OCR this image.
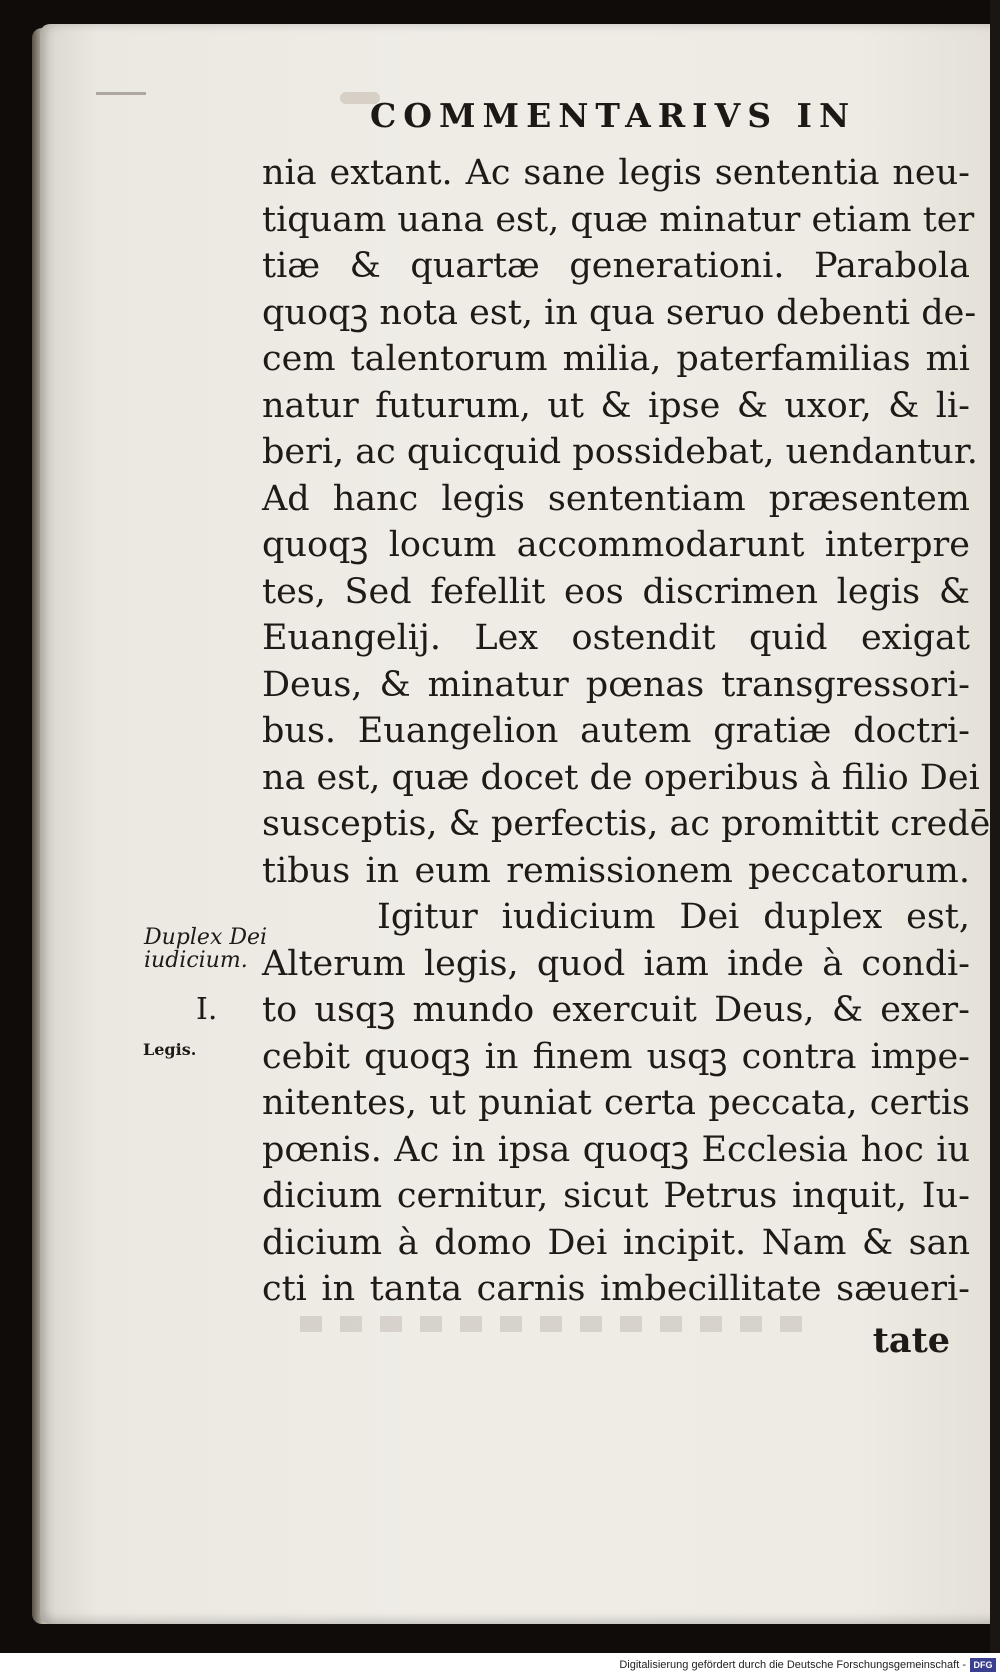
COMMENTARIVS IN
nia extant. Ac sane legis sententia neu-
tiquam uana est, quæ minatur etiam ter
tiæ & quartæ generationi. Parabola
quoqꝫ nota est, in qua seruo debenti de-
cem talentorum milia, paterfamilias mi
natur futurum, ut & ipse & uxor, & li-
beri, ac quicquid possidebat, uendantur.
Ad hanc legis sententiam præsentem
quoqꝫ locum accommodarunt interpre
tes, Sed fefellit eos discrimen legis &
Euangelij. Lex ostendit quid exigat
Deus, & minatur pœnas transgressori-
bus. Euangelion autem gratiæ doctri-
na est, quæ docet de operibus à filio Dei
susceptis, & perfectis, ac promittit credē
tibus in eum remissionem peccatorum.
Igitur iudicium Dei duplex est,
Alterum legis, quod iam inde à condi-
to usqꝫ mundo exercuit Deus, & exer-
cebit quoqꝫ in finem usqꝫ contra impe-
nitentes, ut puniat certa peccata, certis
pœnis. Ac in ipsa quoqꝫ Ecclesia hoc iu
dicium cernitur, sicut Petrus inquit, Iu-
dicium à domo Dei incipit. Nam & san
cti in tanta carnis imbecillitate sæueri-
tate
Duplex Dei
iudicium.
I.
Legis.
Digitalisierung gefördert durch die Deutsche Forschungsgemeinschaft - DFG
